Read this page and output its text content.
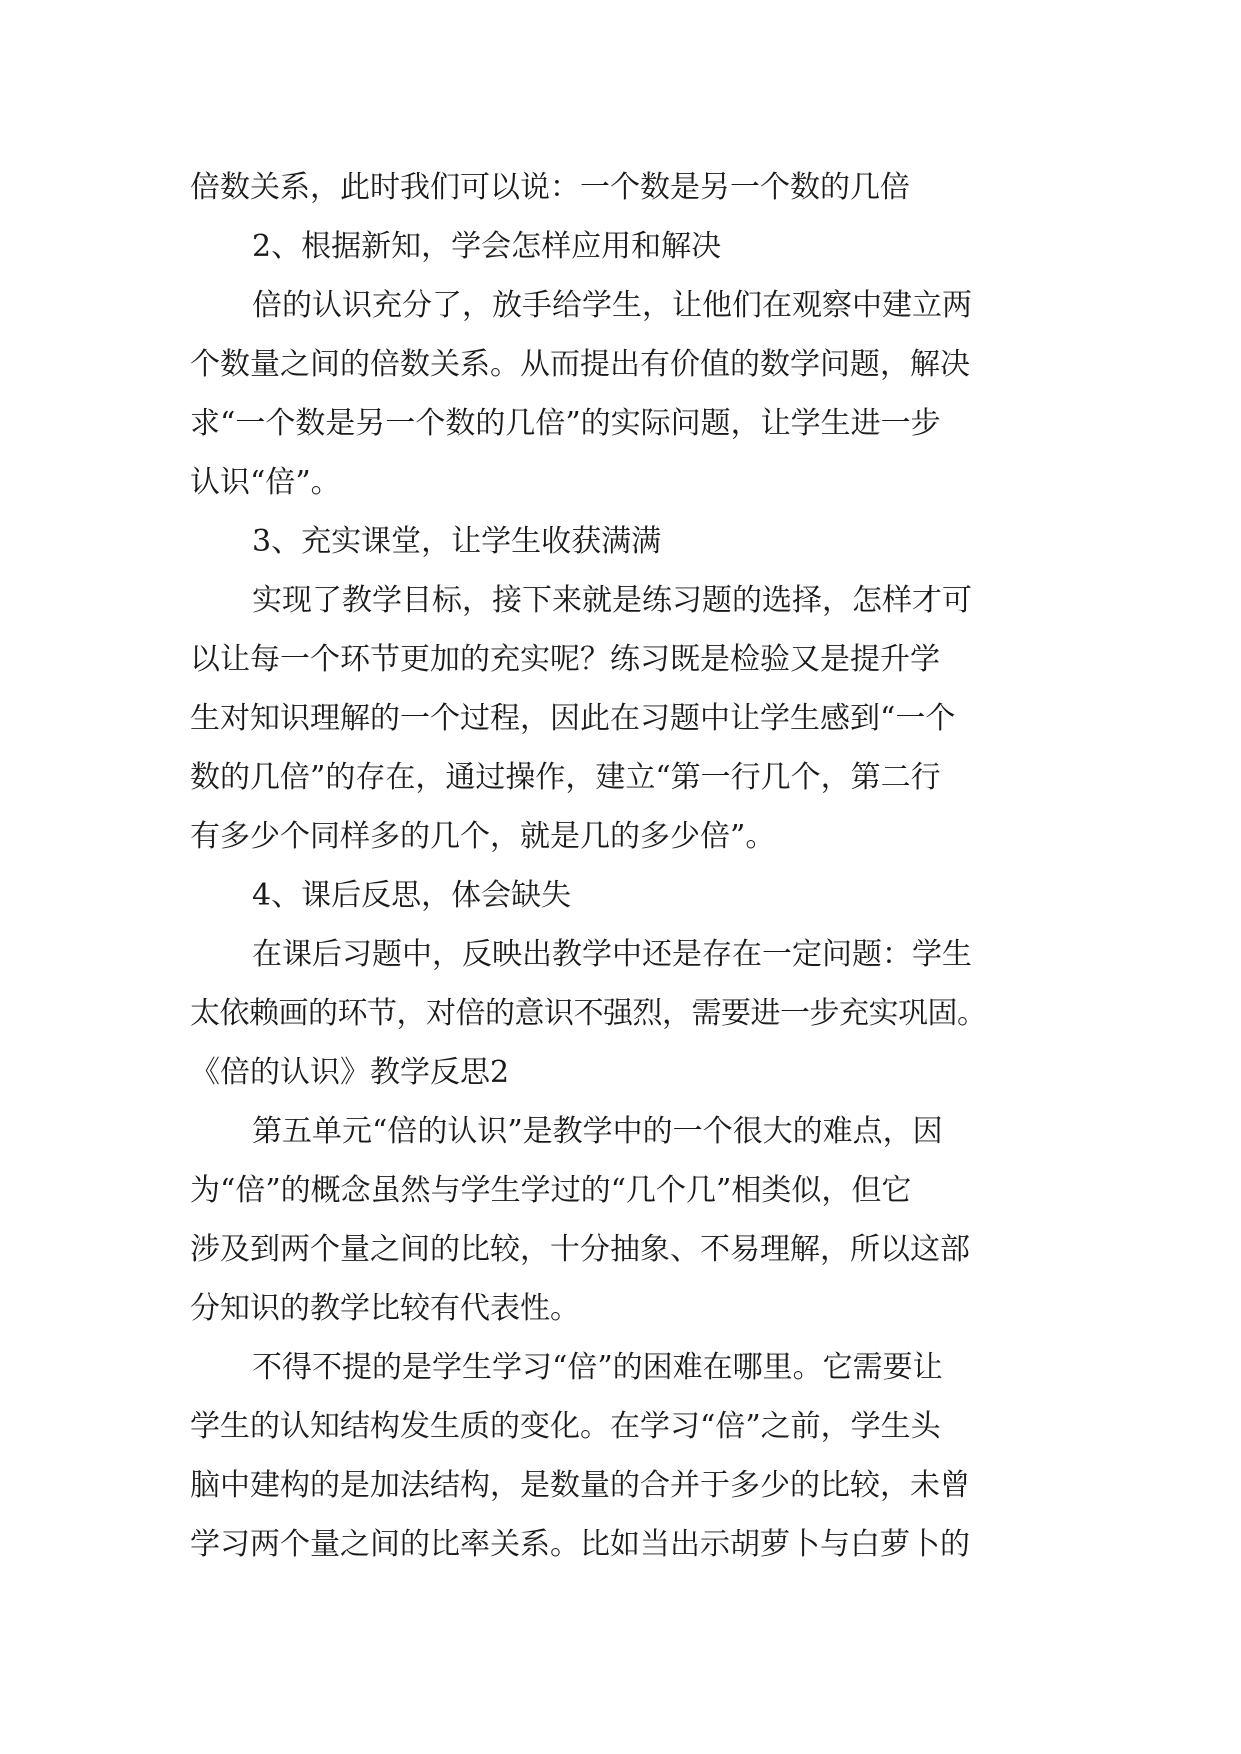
倍数关系，此时我们可以说：一个数是另一个数的几倍
2、根据新知，学会怎样应用和解决
倍的认识充分了，放手给学生，让他们在观察中建立两
个数量之间的倍数关系。从而提出有价值的数学问题，解决
求“一个数是另一个数的几倍”的实际问题，让学生进一步
认识“倍”。
3、充实课堂，让学生收获满满
实现了教学目标，接下来就是练习题的选择，怎样才可
以让每一个环节更加的充实呢？练习既是检验又是提升学
生对知识理解的一个过程，因此在习题中让学生感到“一个
数的几倍”的存在，通过操作，建立“第一行几个，第二行
有多少个同样多的几个，就是几的多少倍”。
4、课后反思，体会缺失
在课后习题中，反映出教学中还是存在一定问题：学生
太依赖画的环节，对倍的意识不强烈，需要进一步充实巩固。
《倍的认识》教学反思2
第五单元“倍的认识”是教学中的一个很大的难点，因
为“倍”的概念虽然与学生学过的“几个几”相类似，但它
涉及到两个量之间的比较，十分抽象、不易理解，所以这部
分知识的教学比较有代表性。
不得不提的是学生学习“倍”的困难在哪里。它需要让
学生的认知结构发生质的变化。在学习“倍”之前，学生头
脑中建构的是加法结构，是数量的合并于多少的比较，未曾
学习两个量之间的比率关系。比如当出示胡萝卜与白萝卜的
